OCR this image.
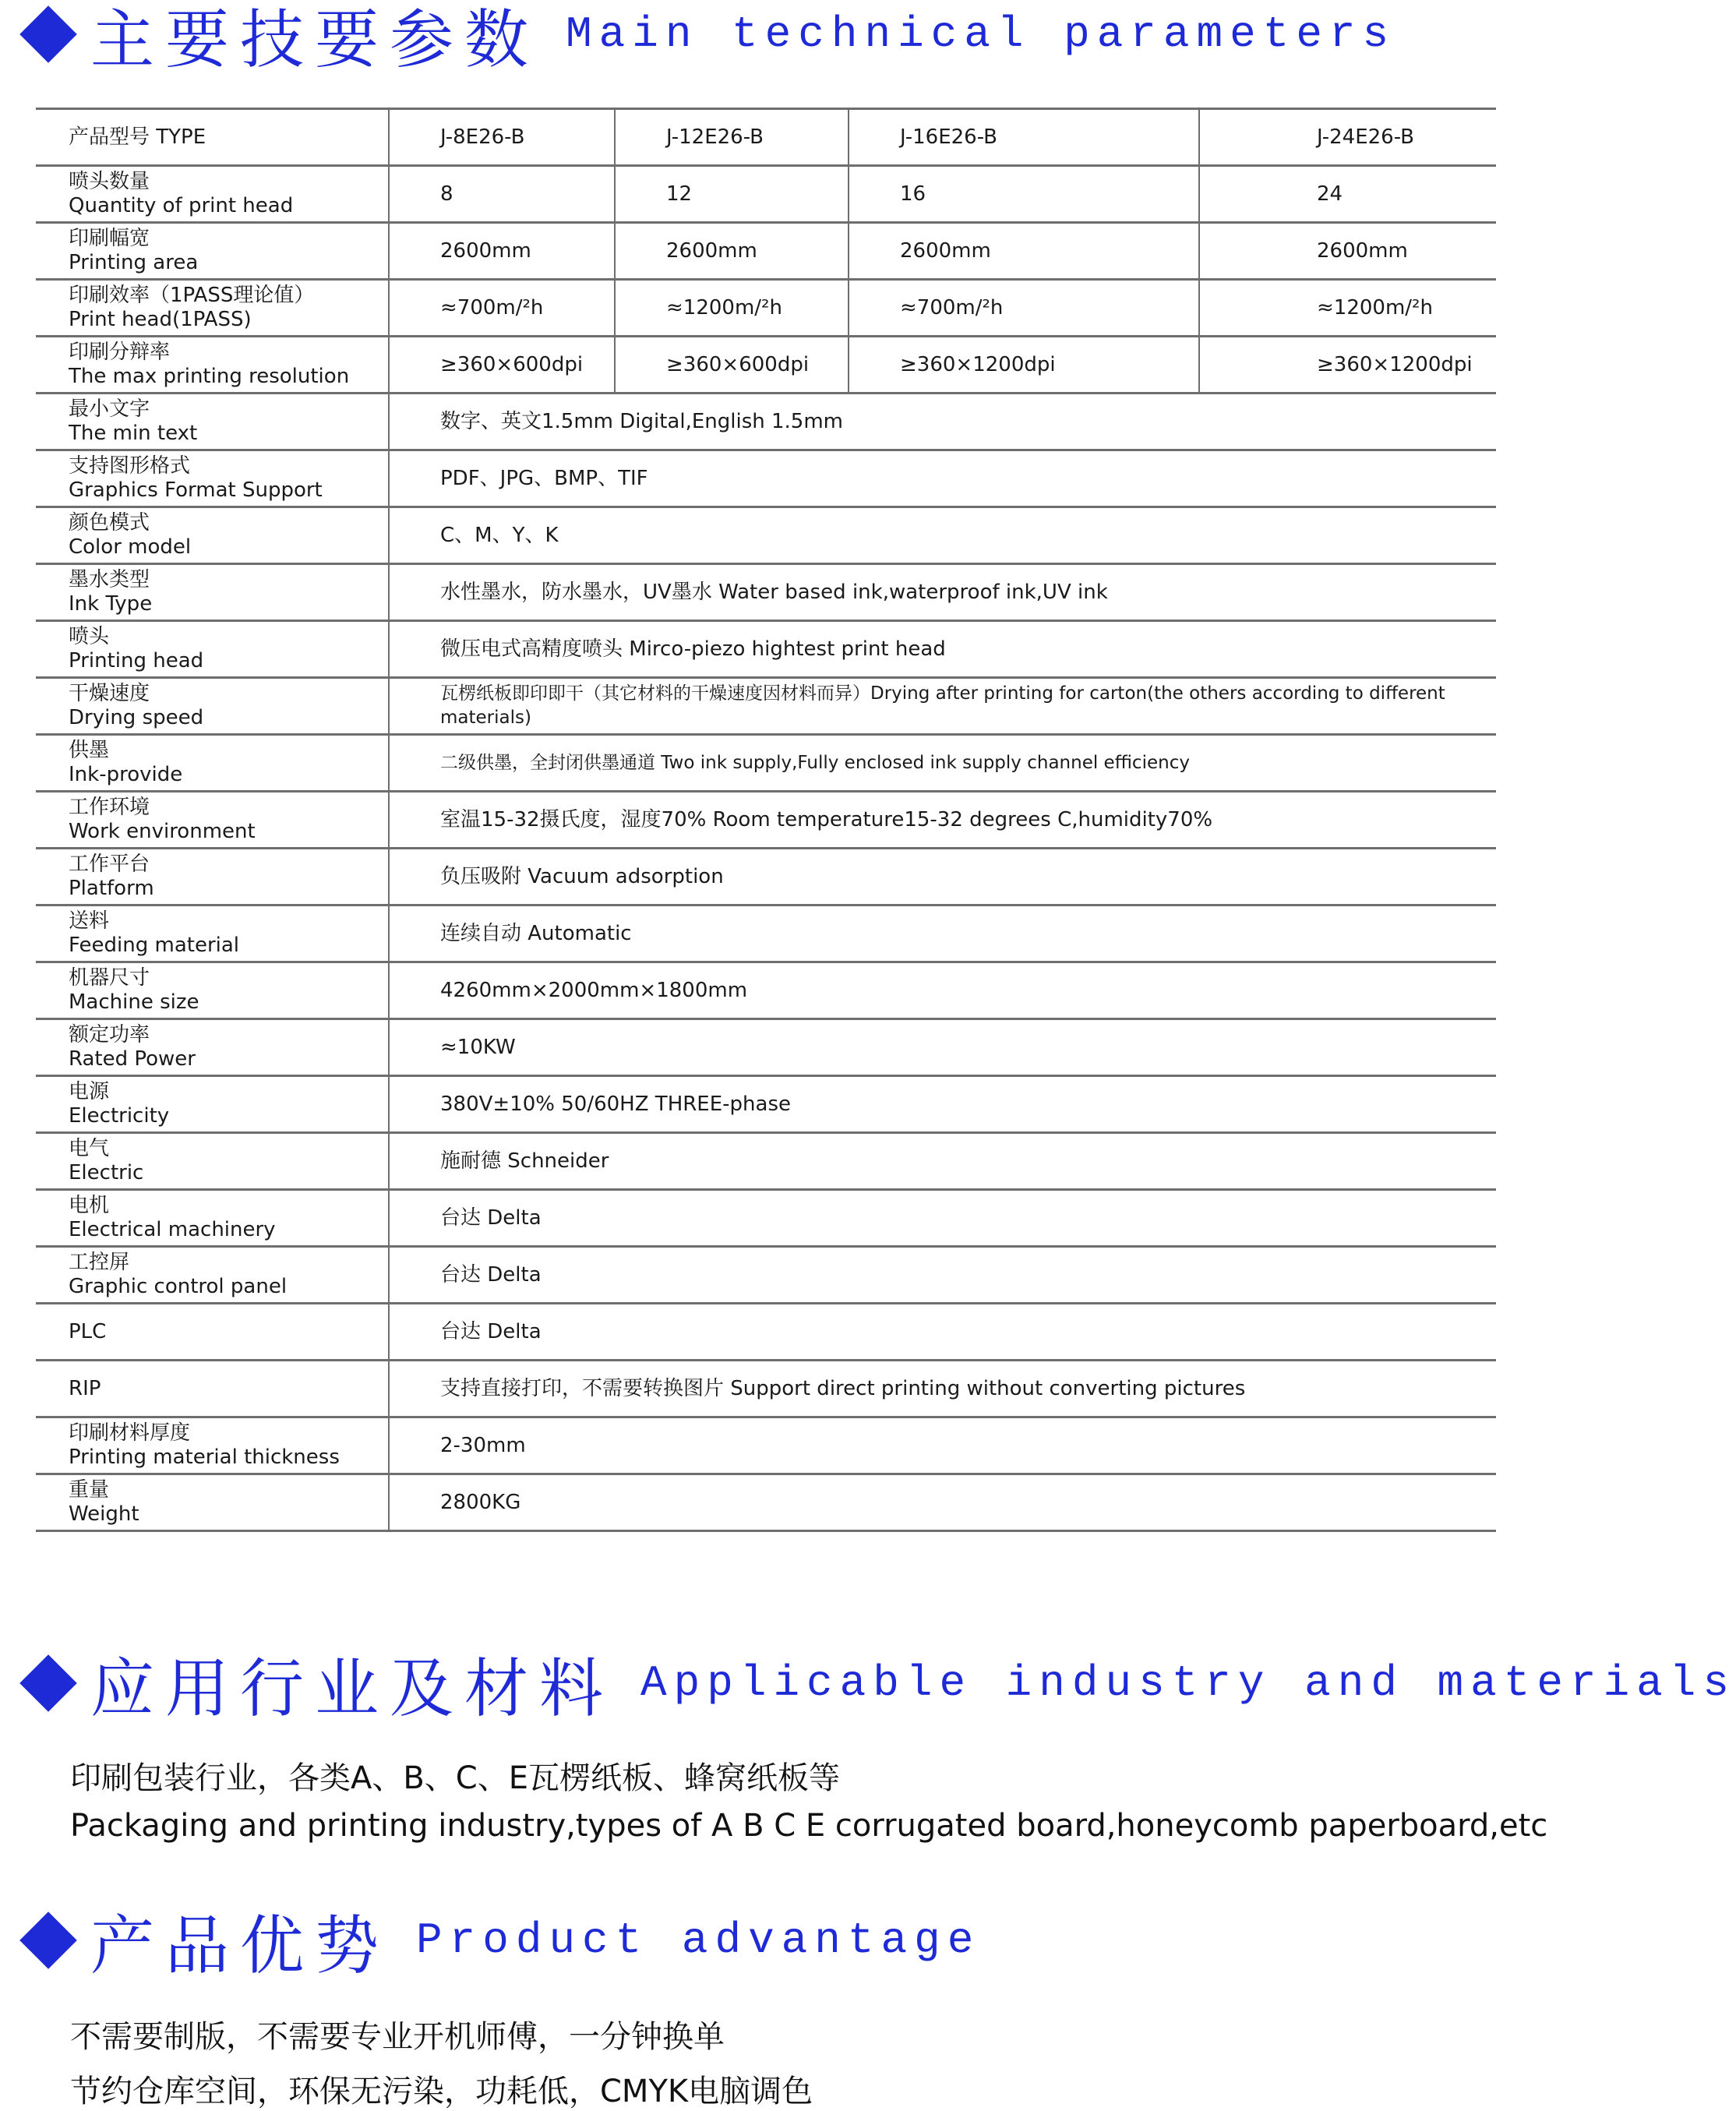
主要技要参数 Main technical parameters
产品型号 TYPE	J-8E26-B	J-12E26-B	J-16E26-B	J-24E26-B

喷头数量
Quantity of print head	8	12	16	24

印刷幅宽
Printing area	2600mm	2600mm	2600mm	2600mm

印刷效率（1PASS理论值）
Print head(1PASS)	≈700m/²h	≈1200m/²h	≈700m/²h	≈1200m/²h

印刷分辩率
The max printing resolution	≥360×600dpi	≥360×600dpi	≥360×1200dpi	≥360×1200dpi

最小文字
The min text	数字、英文1.5mm Digital,English 1.5mm			

支持图形格式
Graphics Format Support	PDF、JPG、BMP、TIF			

颜色模式
Color model	C、M、Y、K			

墨水类型
Ink Type	水性墨水，防水墨水，UV墨水 Water based ink,waterproof ink,UV ink			

喷头
Printing head	微压电式高精度喷头 Mirco-piezo hightest print head			

干燥速度
Drying speed	瓦楞纸板即印即干（其它材料的干燥速度因材料而异）Drying after printing for carton(the others according to different materials)			

供墨
Ink-provide	二级供墨，全封闭供墨通道 Two ink supply,Fully enclosed ink supply channel efficiency			

工作环境
Work environment	室温15-32摄氏度，湿度70% Room temperature15-32 degrees C,humidity70%			

工作平台
Platform	负压吸附 Vacuum adsorption			

送料
Feeding material	连续自动 Automatic			

机器尺寸
Machine size	4260mm×2000mm×1800mm			

额定功率
Rated Power	≈10KW			

电源
Electricity	380V±10% 50/60HZ THREE-phase			

电气
Electric	施耐德 Schneider			

电机
Electrical machinery	台达 Delta			

工控屏
Graphic control panel	台达 Delta			

PLC	台达 Delta			

RIP	支持直接打印，不需要转换图片 Support direct printing without converting pictures			

印刷材料厚度
Printing material thickness	2-30mm			

重量
Weight	2800KG			
应用行业及材料 Applicable industry and materials
印刷包装行业，各类A、B、C、E瓦楞纸板、蜂窝纸板等
Packaging and printing industry,types of A B C E corrugated board,honeycomb paperboard,etc
产品优势 Product advantage
不需要制版，不需要专业开机师傅，一分钟换单
节约仓库空间，环保无污染，功耗低，CMYK电脑调色
